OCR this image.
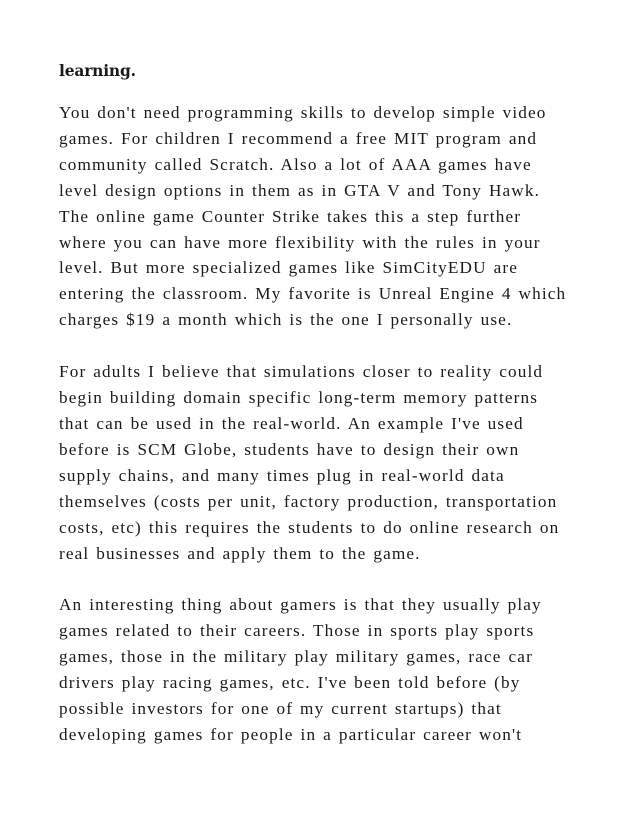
learning.
You don't need programming skills to develop simple video
games. For children I recommend a free MIT program and
community called Scratch. Also a lot of AAA games have
level design options in them as in GTA V and Tony Hawk.
The online game Counter Strike takes this a step further
where you can have more flexibility with the rules in your
level. But more specialized games like SimCityEDU are
entering the classroom. My favorite is Unreal Engine 4 which
charges $19 a month which is the one I personally use.
For adults I believe that simulations closer to reality could
begin building domain specific long-term memory patterns
that can be used in the real-world. An example I've used
before is SCM Globe, students have to design their own
supply chains, and many times plug in real-world data
themselves (costs per unit, factory production, transportation
costs, etc) this requires the students to do online research on
real businesses and apply them to the game.
An interesting thing about gamers is that they usually play
games related to their careers. Those in sports play sports
games, those in the military play military games, race car
drivers play racing games, etc. I've been told before (by
possible investors for one of my current startups) that
developing games for people in a particular career won't
